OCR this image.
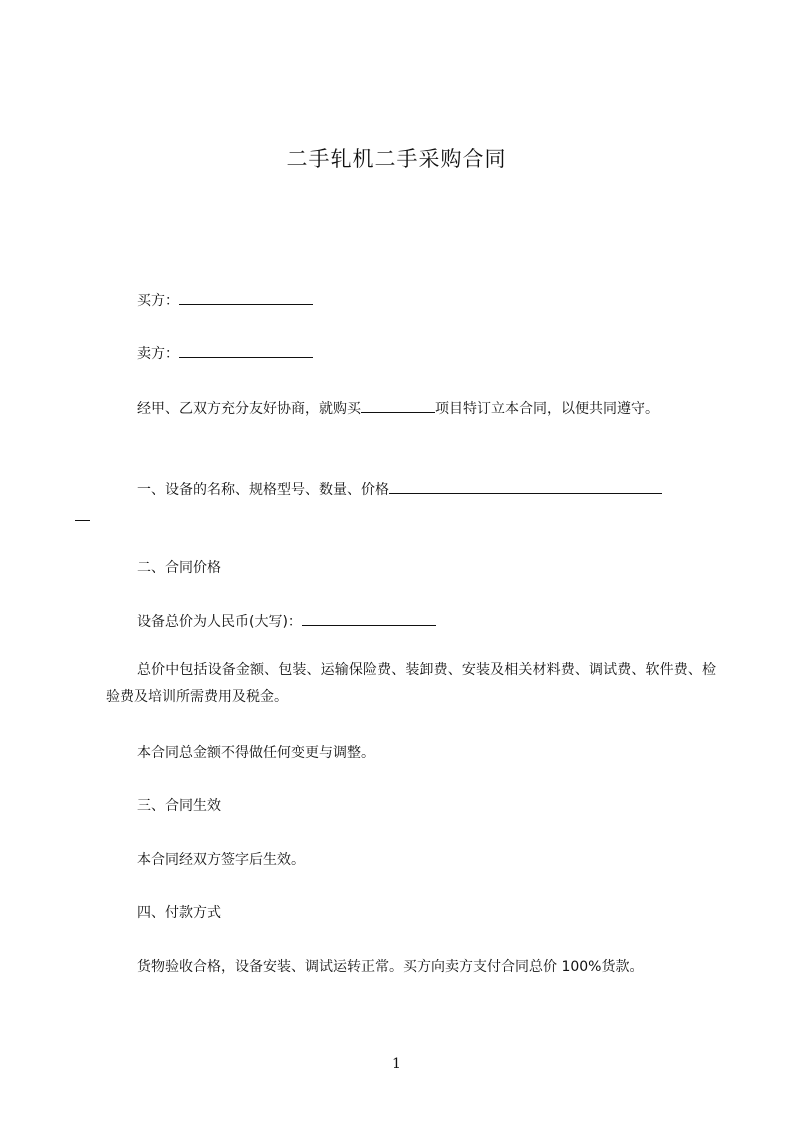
二手轧机二手采购合同
买方：
卖方：
经甲、乙双方充分友好协商，就购买	项目特订立本合同，以便共同遵守。
一、设备的名称、规格型号、数量、价格

二、合同价格
设备总价为人民币(大写)：
总价中包括设备金额、包装、运输保险费、装卸费、安装及相关材料费、调试费、软件费、检验费及培训所需费用及税金。
本合同总金额不得做任何变更与调整。
三、合同生效
本合同经双方签字后生效。
四、付款方式
货物验收合格，设备安装、调试运转正常。买方向卖方支付合同总价 100%货款。
1
